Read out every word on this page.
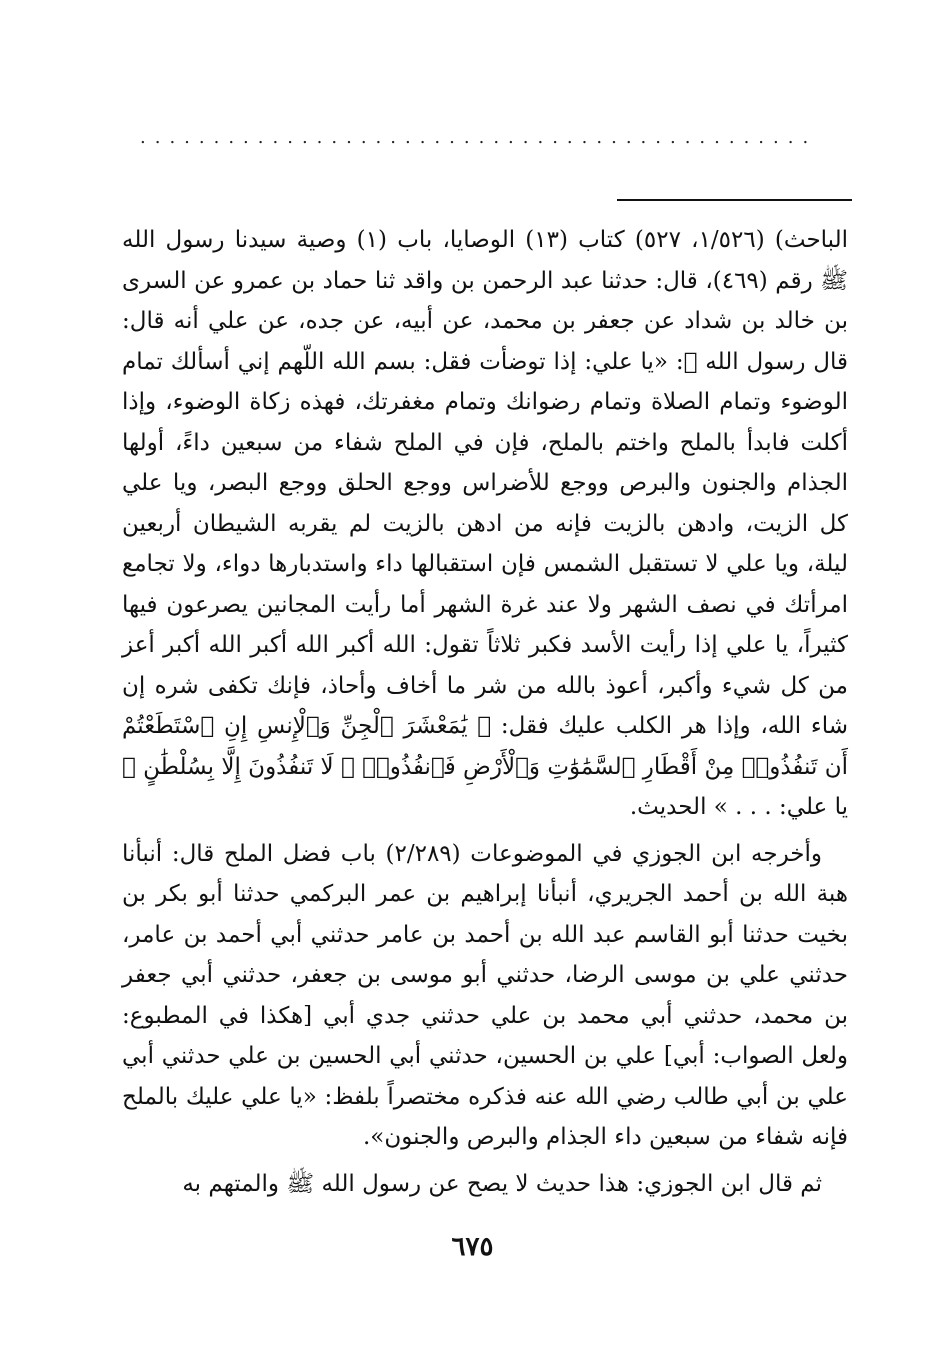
..............................................

الباحث) (١/٥٢٦، ٥٢٧) كتاب (١٣) الوصايا، باب (١) وصية سيدنا رسول الله ﷺ رقم (٤٦٩)، قال: حدثنا عبد الرحمن بن واقد ثنا حماد بن عمرو عن السرى بن خالد بن شداد عن جعفر بن محمد، عن أبيه، عن جده، عن علي أنه قال: قال رسول الله ﷺ: «يا علي: إذا توضأت فقل: بسم الله اللّهم إني أسألك تمام الوضوء وتمام الصلاة وتمام رضوانك وتمام مغفرتك، فهذه زكاة الوضوء، وإذا أكلت فابدأ بالملح واختم بالملح، فإن في الملح شفاء من سبعين داءً، أولها الجذام والجنون والبرص ووجع للأضراس ووجع الحلق ووجع البصر، ويا علي كل الزيت، وادهن بالزيت فإنه من ادهن بالزيت لم يقربه الشيطان أربعين ليلة، ويا علي لا تستقبل الشمس فإن استقبالها داء واستدبارها دواء، ولا تجامع امرأتك في نصف الشهر ولا عند غرة الشهر أما رأيت المجانين يصرعون فيها كثيراً، يا علي إذا رأيت الأسد فكبر ثلاثاً تقول: الله أكبر الله أكبر الله أكبر أعز من كل شيء وأكبر، أعوذ بالله من شر ما أخاف وأحاذ، فإنك تكفى شره إن شاء الله، وإذا هر الكلب عليك فقل: ﴿ يَٰمَعْشَرَ ٱلْجِنِّ وَٱلْإِنسِ إِنِ ٱسْتَطَعْتُمْ أَن تَنفُذُوا۟ مِنْ أَقْطَارِ ٱلسَّمَٰوَٰتِ وَٱلْأَرْضِ فَٱنفُذُوا۟ ۚ لَا تَنفُذُونَ إِلَّا بِسُلْطَٰنٍ ﴾ يا علي: . . . » الحديث.

وأخرجه ابن الجوزي في الموضوعات (٢/٢٨٩) باب فضل الملح قال: أنبأنا هبة الله بن أحمد الجريري، أنبأنا إبراهيم بن عمر البركمي حدثنا أبو بكر بن بخيت حدثنا أبو القاسم عبد الله بن أحمد بن عامر حدثني أبي أحمد بن عامر، حدثني علي بن موسى الرضا، حدثني أبو موسى بن جعفر، حدثني أبي جعفر بن محمد، حدثني أبي محمد بن علي حدثني جدي أبي [هكذا في المطبوع: ولعل الصواب: أبي] علي بن الحسين، حدثني أبي الحسين بن علي حدثني أبي علي بن أبي طالب رضي الله عنه فذكره مختصراً بلفظ: «يا علي عليك بالملح فإنه شفاء من سبعين داء الجذام والبرص والجنون».

ثم قال ابن الجوزي: هذا حديث لا يصح عن رسول الله ﷺ والمتهم به

٦٧٥
